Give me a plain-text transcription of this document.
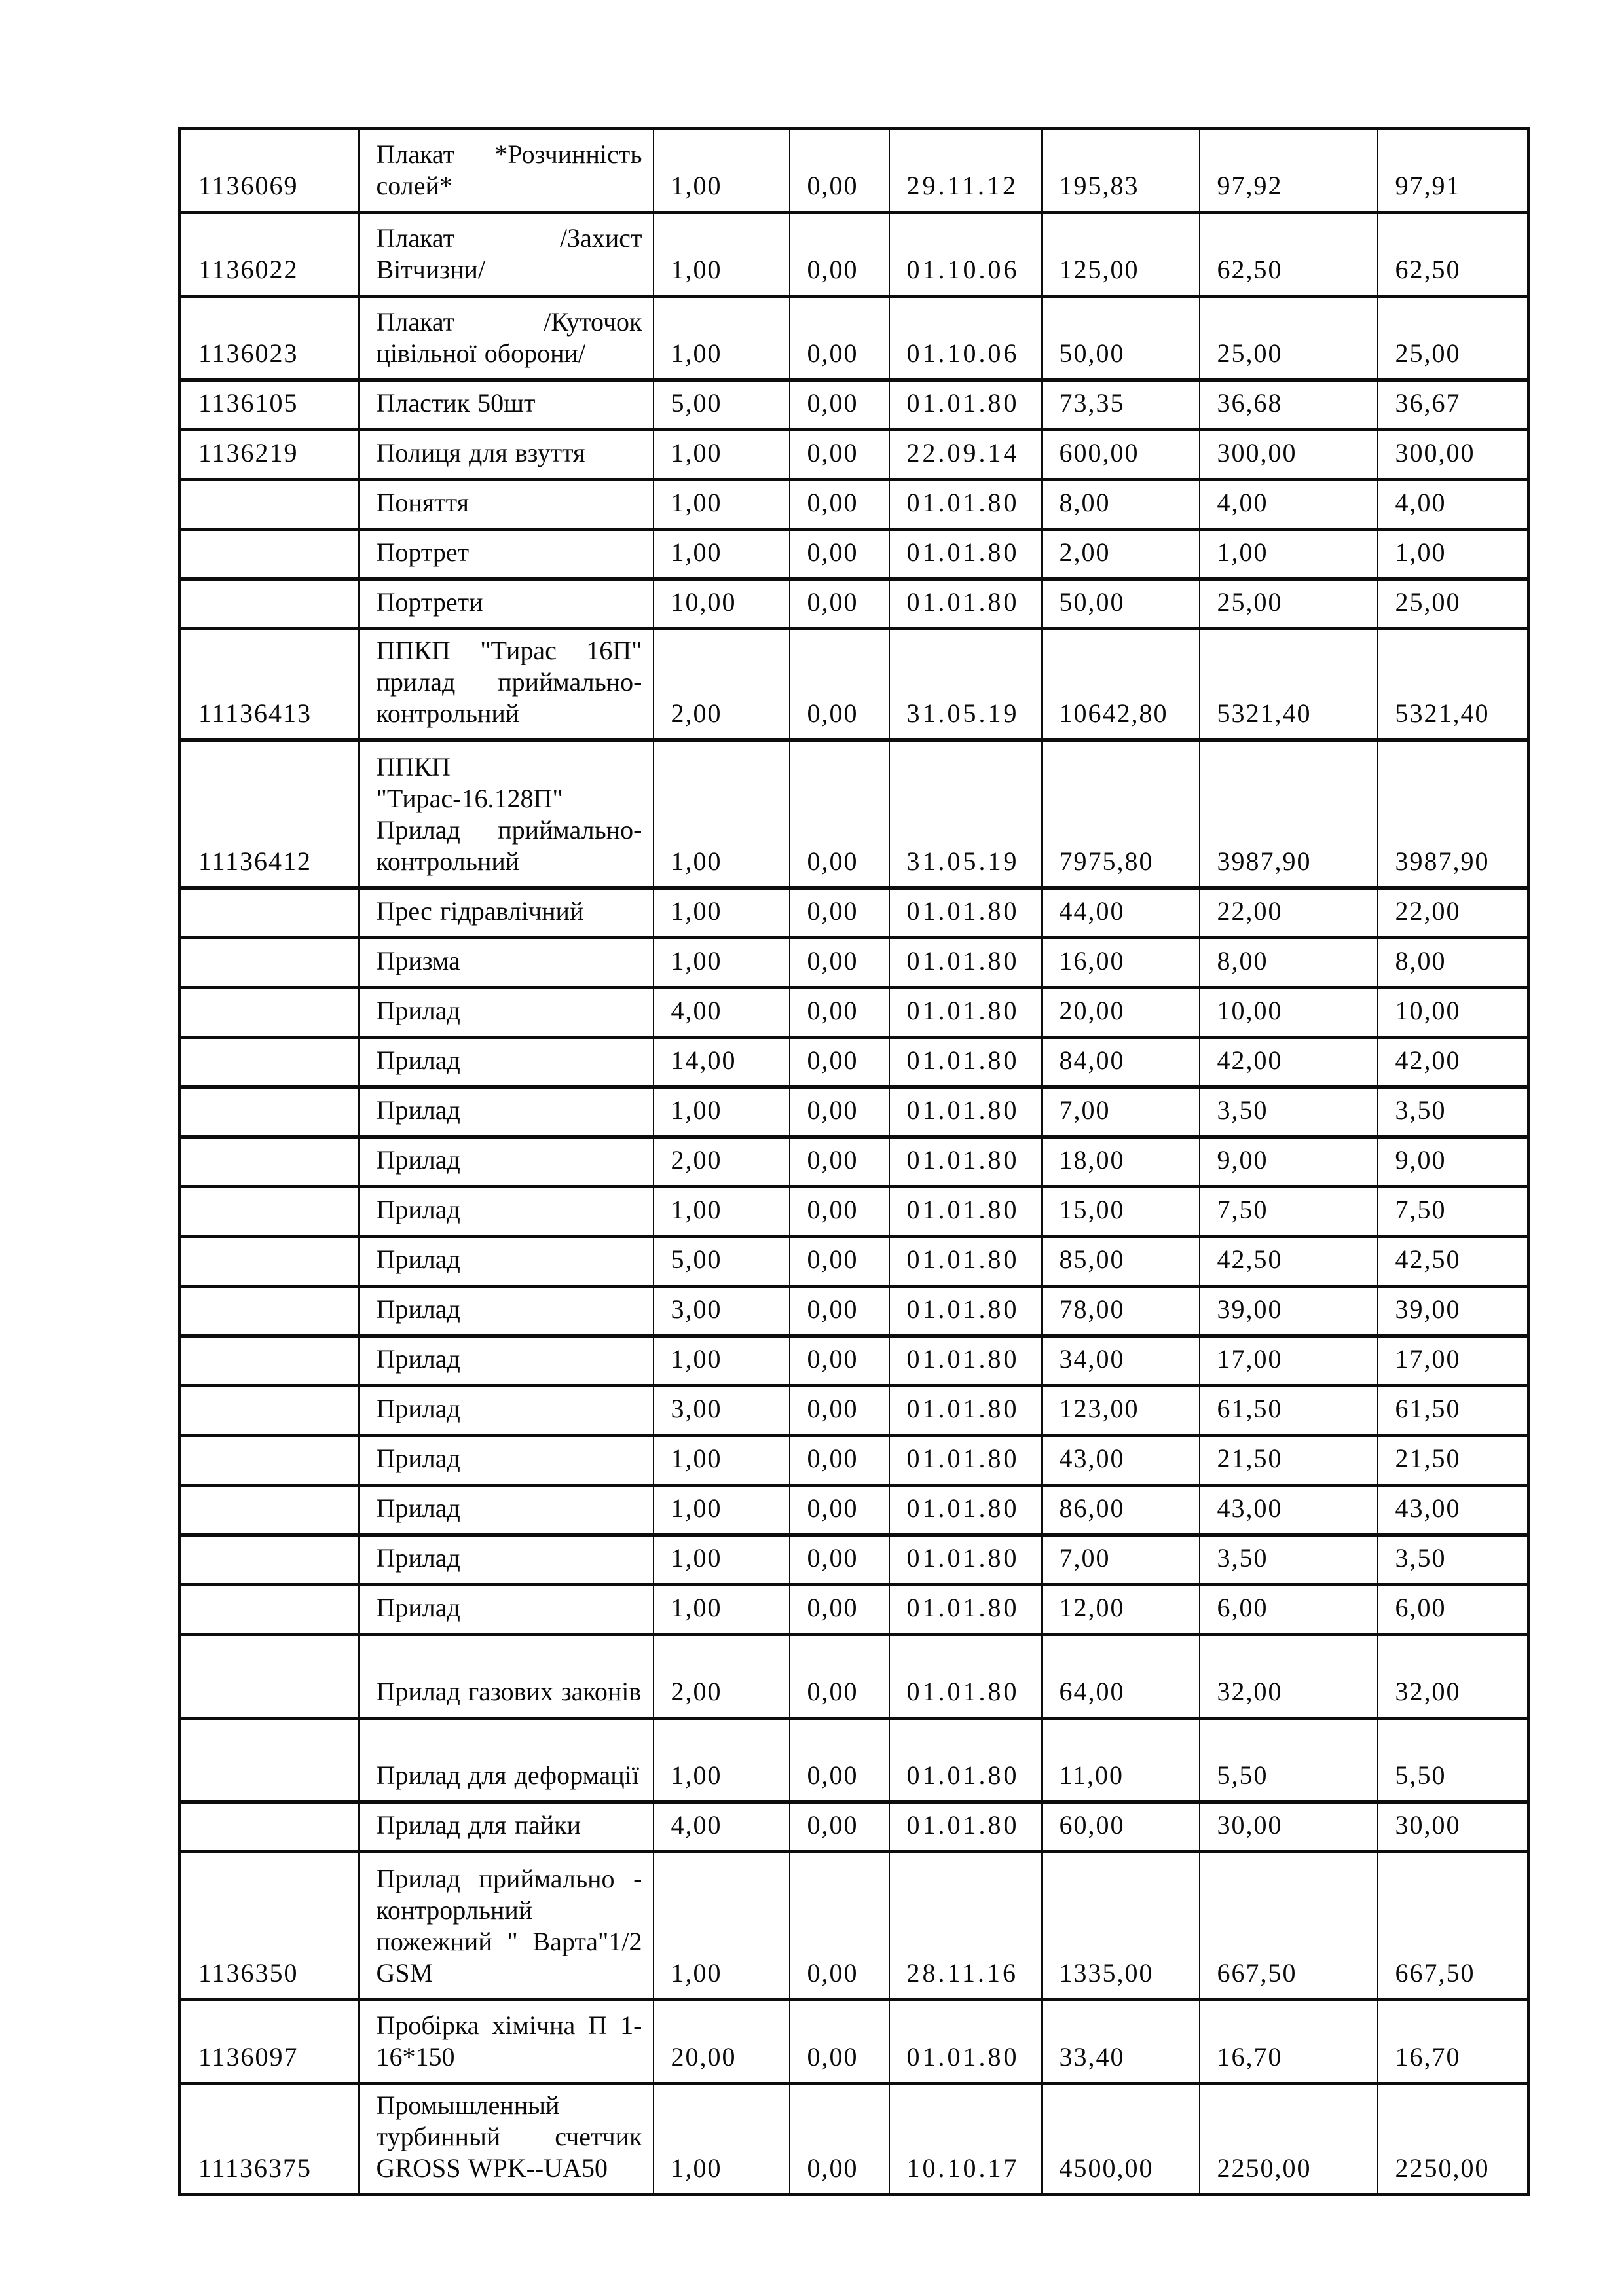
1136069	Плакат *Розчинність солей*	1,00	0,00	29.11.12	195,83	97,92	97,91
1136022	Плакат /Захист Вітчизни/	1,00	0,00	01.10.06	125,00	62,50	62,50
1136023	Плакат /Куточок цівільної оборони/	1,00	0,00	01.10.06	50,00	25,00	25,00
1136105	Пластик 50шт	5,00	0,00	01.01.80	73,35	36,68	36,67
1136219	Полиця для взуття	1,00	0,00	22.09.14	600,00	300,00	300,00
	Поняття	1,00	0,00	01.01.80	8,00	4,00	4,00
	Портрет	1,00	0,00	01.01.80	2,00	1,00	1,00
	Портрети	10,00	0,00	01.01.80	50,00	25,00	25,00
11136413	ППКП "Тирас 16П" прилад приймально-контрольний	2,00	0,00	31.05.19	10642,80	5321,40	5321,40
11136412	ППКП "Тирас-16.128П" Прилад приймально-контрольний	1,00	0,00	31.05.19	7975,80	3987,90	3987,90
	Прес гідравлічний	1,00	0,00	01.01.80	44,00	22,00	22,00
	Призма	1,00	0,00	01.01.80	16,00	8,00	8,00
	Прилад	4,00	0,00	01.01.80	20,00	10,00	10,00
	Прилад	14,00	0,00	01.01.80	84,00	42,00	42,00
	Прилад	1,00	0,00	01.01.80	7,00	3,50	3,50
	Прилад	2,00	0,00	01.01.80	18,00	9,00	9,00
	Прилад	1,00	0,00	01.01.80	15,00	7,50	7,50
	Прилад	5,00	0,00	01.01.80	85,00	42,50	42,50
	Прилад	3,00	0,00	01.01.80	78,00	39,00	39,00
	Прилад	1,00	0,00	01.01.80	34,00	17,00	17,00
	Прилад	3,00	0,00	01.01.80	123,00	61,50	61,50
	Прилад	1,00	0,00	01.01.80	43,00	21,50	21,50
	Прилад	1,00	0,00	01.01.80	86,00	43,00	43,00
	Прилад	1,00	0,00	01.01.80	7,00	3,50	3,50
	Прилад	1,00	0,00	01.01.80	12,00	6,00	6,00
	Прилад газових законів	2,00	0,00	01.01.80	64,00	32,00	32,00
	Прилад для деформації	1,00	0,00	01.01.80	11,00	5,50	5,50
	Прилад для пайки	4,00	0,00	01.01.80	60,00	30,00	30,00
1136350	Прилад приймально - контрорльний пожежний " Варта"1/2 GSM	1,00	0,00	28.11.16	1335,00	667,50	667,50
1136097	Пробірка хімічна П 1-16*150	20,00	0,00	01.01.80	33,40	16,70	16,70
11136375	Промышленный турбинный счетчик GROSS WPK--UA50	1,00	0,00	10.10.17	4500,00	2250,00	2250,00
